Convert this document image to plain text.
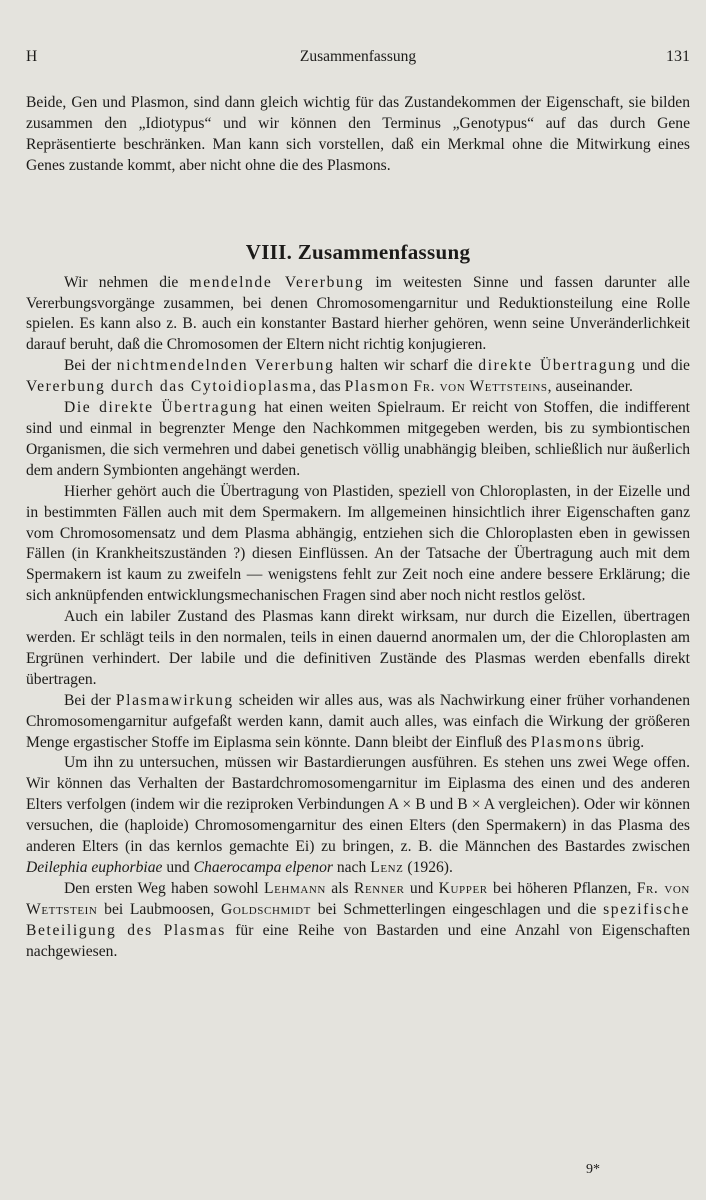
H	Zusammenfassung	131

Beide, Gen und Plasmon, sind dann gleich wichtig für das Zustandekommen der Eigenschaft, sie bilden zusammen den „Idiotypus“ und wir können den Terminus „Genotypus“ auf das durch Gene Repräsentierte beschränken. Man kann sich vorstellen, daß ein Merkmal ohne die Mitwirkung eines Genes zustande kommt, aber nicht ohne die des Plasmons.

VIII. Zusammenfassung

Wir nehmen die mendelnde Vererbung im weitesten Sinne und fassen darunter alle Vererbungsvorgänge zusammen, bei denen Chromosomengarnitur und Reduktionsteilung eine Rolle spielen. Es kann also z. B. auch ein konstanter Bastard hierher gehören, wenn seine Unveränderlichkeit darauf beruht, daß die Chromosomen der Eltern nicht richtig konjugieren.

Bei der nichtmendelnden Vererbung halten wir scharf die direkte Übertragung und die Vererbung durch das Cytoidioplasma, das Plasmon Fr. von Wettsteins, auseinander.

Die direkte Übertragung hat einen weiten Spielraum. Er reicht von Stoffen, die indifferent sind und einmal in begrenzter Menge den Nachkommen mitgegeben werden, bis zu symbiontischen Organismen, die sich vermehren und dabei genetisch völlig unabhängig bleiben, schließlich nur äußerlich dem andern Symbionten angehängt werden.

Hierher gehört auch die Übertragung von Plastiden, speziell von Chloroplasten, in der Eizelle und in bestimmten Fällen auch mit dem Spermakern. Im allgemeinen hinsichtlich ihrer Eigenschaften ganz vom Chromosomensatz und dem Plasma abhängig, entziehen sich die Chloroplasten eben in gewissen Fällen (in Krankheitszuständen ?) diesen Einflüssen. An der Tatsache der Übertragung auch mit dem Spermakern ist kaum zu zweifeln — wenigstens fehlt zur Zeit noch eine andere bessere Erklärung; die sich anknüpfenden entwicklungsmechanischen Fragen sind aber noch nicht restlos gelöst.

Auch ein labiler Zustand des Plasmas kann direkt wirksam, nur durch die Eizellen, übertragen werden. Er schlägt teils in den normalen, teils in einen dauernd anormalen um, der die Chloroplasten am Ergrünen verhindert. Der labile und die definitiven Zustände des Plasmas werden ebenfalls direkt übertragen.

Bei der Plasmawirkung scheiden wir alles aus, was als Nachwirkung einer früher vorhandenen Chromosomengarnitur aufgefaßt werden kann, damit auch alles, was einfach die Wirkung der größeren Menge ergastischer Stoffe im Eiplasma sein könnte. Dann bleibt der Einfluß des Plasmons übrig.

Um ihn zu untersuchen, müssen wir Bastardierungen ausführen. Es stehen uns zwei Wege offen. Wir können das Verhalten der Bastardchromosomengarnitur im Eiplasma des einen und des anderen Elters verfolgen (indem wir die reziproken Verbindungen A × B und B × A vergleichen). Oder wir können versuchen, die (haploide) Chromosomengarnitur des einen Elters (den Spermakern) in das Plasma des anderen Elters (in das kernlos gemachte Ei) zu bringen, z. B. die Männchen des Bastardes zwischen Deilephia euphorbiae und Chaerocampa elpenor nach Lenz (1926).

Den ersten Weg haben sowohl Lehmann als Renner und Kupper bei höheren Pflanzen, Fr. von Wettstein bei Laubmoosen, Goldschmidt bei Schmetterlingen eingeschlagen und die spezifische Beteiligung des Plasmas für eine Reihe von Bastarden und eine Anzahl von Eigenschaften nachgewiesen.

9*
